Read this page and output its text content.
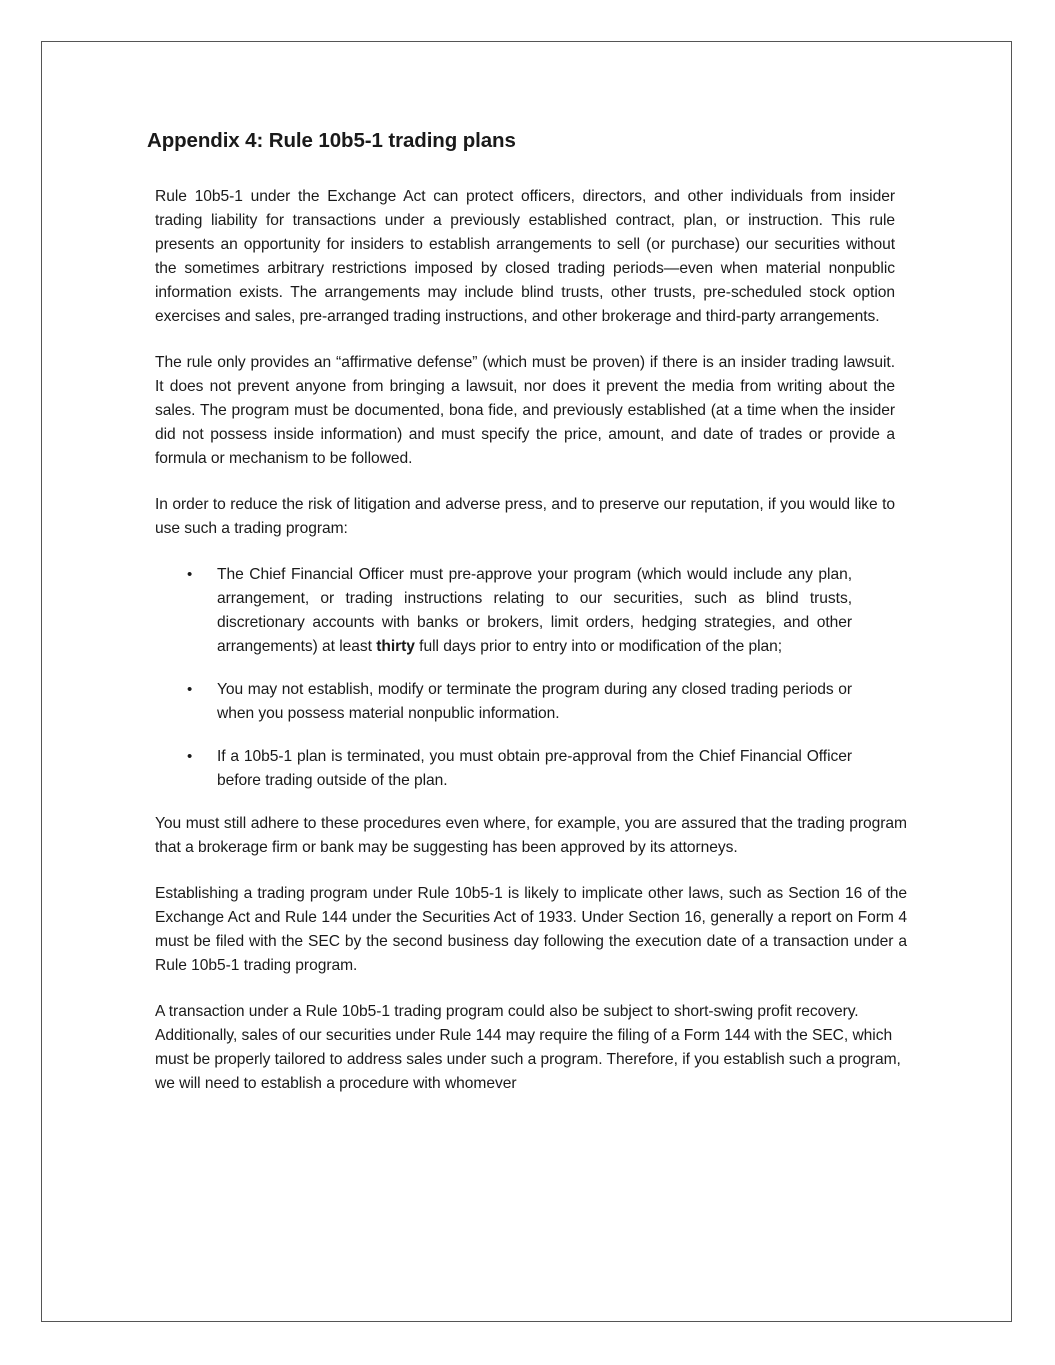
Appendix 4: Rule 10b5-1 trading plans

Rule 10b5-1 under the Exchange Act can protect officers, directors, and other individuals from insider trading liability for transactions under a previously established contract, plan, or instruction. This rule presents an opportunity for insiders to establish arrangements to sell (or purchase) our securities without the sometimes arbitrary restrictions imposed by closed trading periods—even when material nonpublic information exists. The arrangements may include blind trusts, other trusts, pre-scheduled stock option exercises and sales, pre-arranged trading instructions, and other brokerage and third-party arrangements.

The rule only provides an “affirmative defense” (which must be proven) if there is an insider trading lawsuit. It does not prevent anyone from bringing a lawsuit, nor does it prevent the media from writing about the sales. The program must be documented, bona fide, and previously established (at a time when the insider did not possess inside information) and must specify the price, amount, and date of trades or provide a formula or mechanism to be followed.

In order to reduce the risk of litigation and adverse press, and to preserve our reputation, if you would like to use such a trading program:

• The Chief Financial Officer must pre-approve your program (which would include any plan, arrangement, or trading instructions relating to our securities, such as blind trusts, discretionary accounts with banks or brokers, limit orders, hedging strategies, and other arrangements) at least thirty full days prior to entry into or modification of the plan;
• You may not establish, modify or terminate the program during any closed trading periods or when you possess material nonpublic information.
• If a 10b5-1 plan is terminated, you must obtain pre-approval from the Chief Financial Officer before trading outside of the plan.

You must still adhere to these procedures even where, for example, you are assured that the trading program that a brokerage firm or bank may be suggesting has been approved by its attorneys.

Establishing a trading program under Rule 10b5-1 is likely to implicate other laws, such as Section 16 of the Exchange Act and Rule 144 under the Securities Act of 1933. Under Section 16, generally a report on Form 4 must be filed with the SEC by the second business day following the execution date of a transaction under a Rule 10b5-1 trading program.

A transaction under a Rule 10b5-1 trading program could also be subject to short-swing profit recovery. Additionally, sales of our securities under Rule 144 may require the filing of a Form 144 with the SEC, which must be properly tailored to address sales under such a program. Therefore, if you establish such a program, we will need to establish a procedure with whomever
